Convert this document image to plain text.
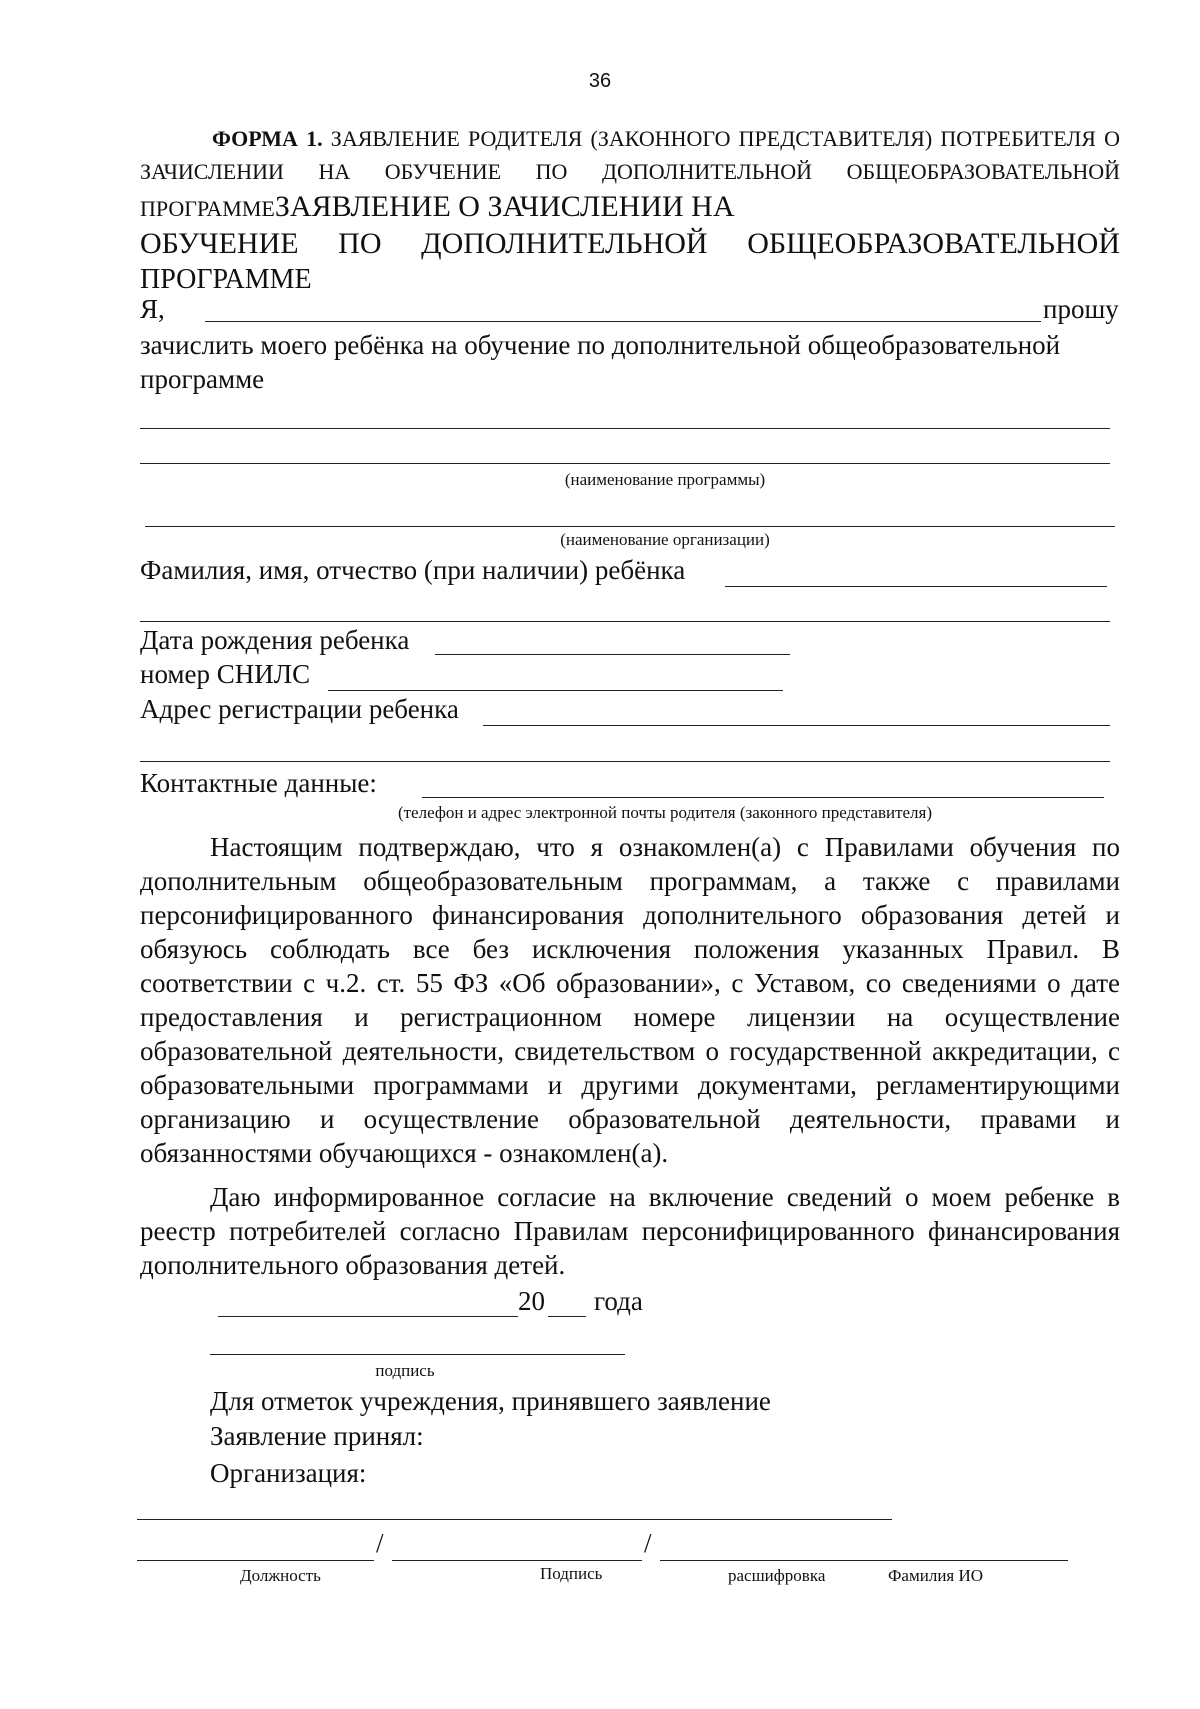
36
ФОРМА 1. ЗАЯВЛЕНИЕ РОДИТЕЛЯ (ЗАКОННОГО ПРЕДСТАВИТЕЛЯ) ПОТРЕБИТЕЛЯ О ЗАЧИСЛЕНИИ НА ОБУЧЕНИЕ ПО ДОПОЛНИТЕЛЬНОЙ ОБЩЕОБРАЗОВАТЕЛЬНОЙ ПРОГРАММЕЗАЯВЛЕНИЕ О ЗАЧИСЛЕНИИ НА
ОБУЧЕНИЕ ПО ДОПОЛНИТЕЛЬНОЙ ОБЩЕОБРАЗОВАТЕЛЬНОЙ
ПРОГРАММЕ
Я,	прошу
зачислить моего ребёнка на обучение по дополнительной общеобразовательной
программе
(наименование программы)
(наименование организации)
Фамилия, имя, отчество (при наличии) ребёнка
Дата рождения ребенка
номер СНИЛС
Адрес регистрации ребенка
Контактные данные:
(телефон и адрес электронной почты родителя (законного представителя)
Настоящим подтверждаю, что я ознакомлен(а) с Правилами обучения по дополнительным общеобразовательным программам, а также с правилами персонифицированного финансирования дополнительного образования детей и обязуюсь соблюдать все без исключения положения указанных Правил. В соответствии с ч.2. ст. 55 ФЗ «Об образовании», с Уставом, со сведениями о дате предоставления и регистрационном номере лицензии на осуществление образовательной деятельности, свидетельством о государственной аккредитации, с образовательными программами и другими документами, регламентирующими организацию и осуществление образовательной деятельности, правами и обязанностями обучающихся - ознакомлен(а).
Даю информированное согласие на включение сведений о моем ребенке в реестр потребителей согласно Правилам персонифицированного финансирования дополнительного образования детей.
20 года
подпись
Для отметок учреждения, принявшего заявление
Заявление принял:
Организация:
/	/
Должность	Подпись	расшифровка	Фамилия ИО
